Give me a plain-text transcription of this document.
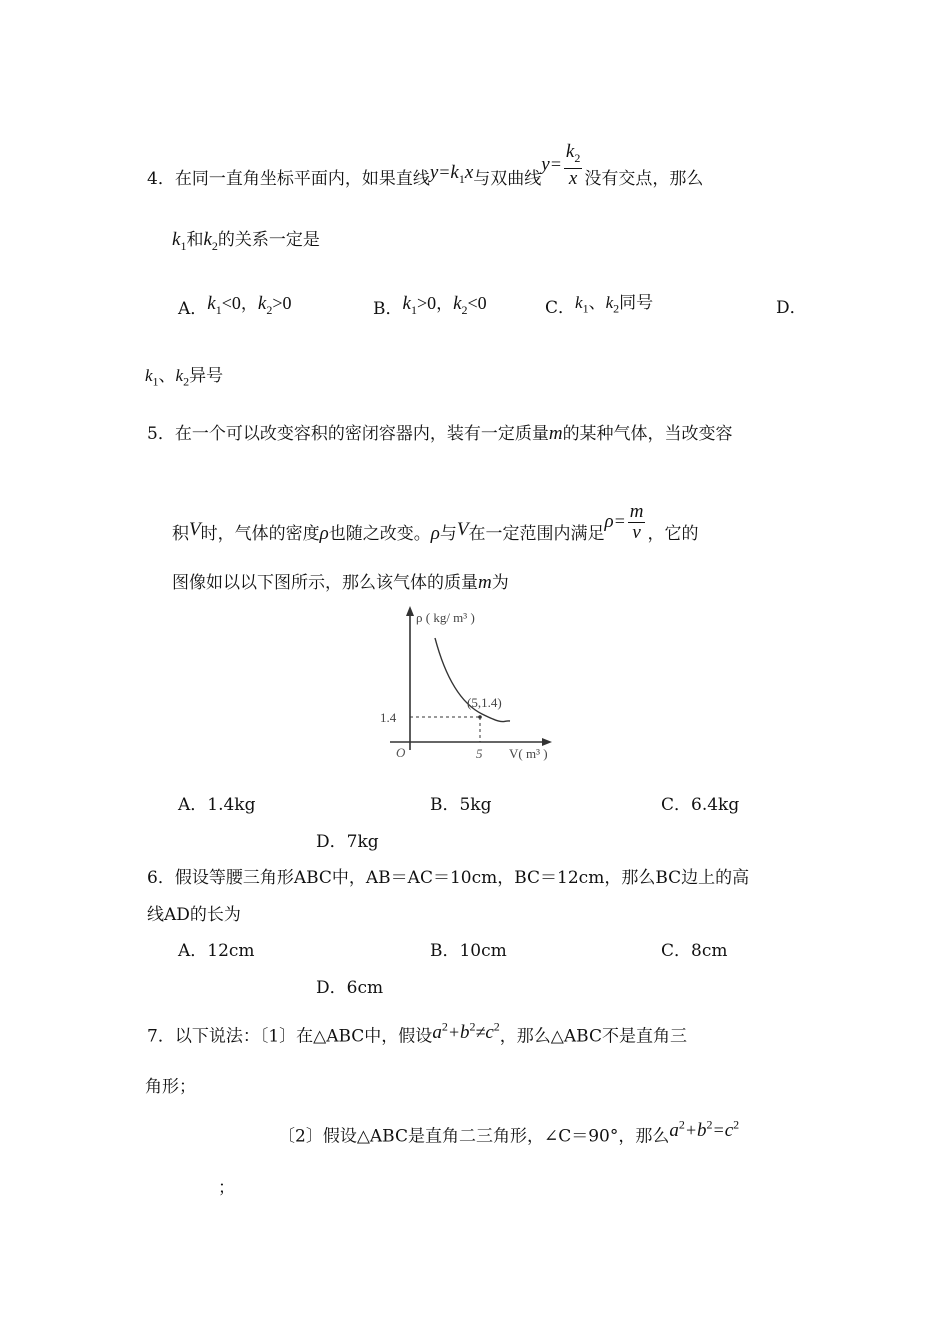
4．在同一直角坐标平面内，如果直线$y=k_1x$与双曲线$y= \frac{k_2}{x}$ 没有交点，那么
$k_1$和$k_2$的关系一定是
A．$k_1<0$，$k_2>0$	B．$k_1>0$，$k_2<0$	C．$k_1$、$k_2$同号	D．
$k_1$、$k_2$异号
5．在一个可以改变容积的密闭容器内，装有一定质量m的某种气体，当改变容
积V时，气体的密度ρ也随之改变。ρ与V在一定范围内满足$\rho= \frac{m}{v}$ ，它的
图像如以以下图所示，那么该气体的质量m为
ρ ( kg/ m³ )
V( m³ )
O
1.4
5
(5,1.4)
A．1.4kg	B．5kg	C．6.4kg
D．7kg
6．假设等腰三角形ABC中，AB＝AC＝10cm，BC＝12cm，那么BC边上的高
线AD的长为
A．12cm	B．10cm	C．8cm
D．6cm
7．以下说法：〔1〕在△ABC中，假设$a^2+b^2\ne c^2$，那么△ABC不是直角三
角形；
〔2〕假设△ABC是直角二三角形，∠C＝90°，那么$a^2+b^2=c^2$
；
